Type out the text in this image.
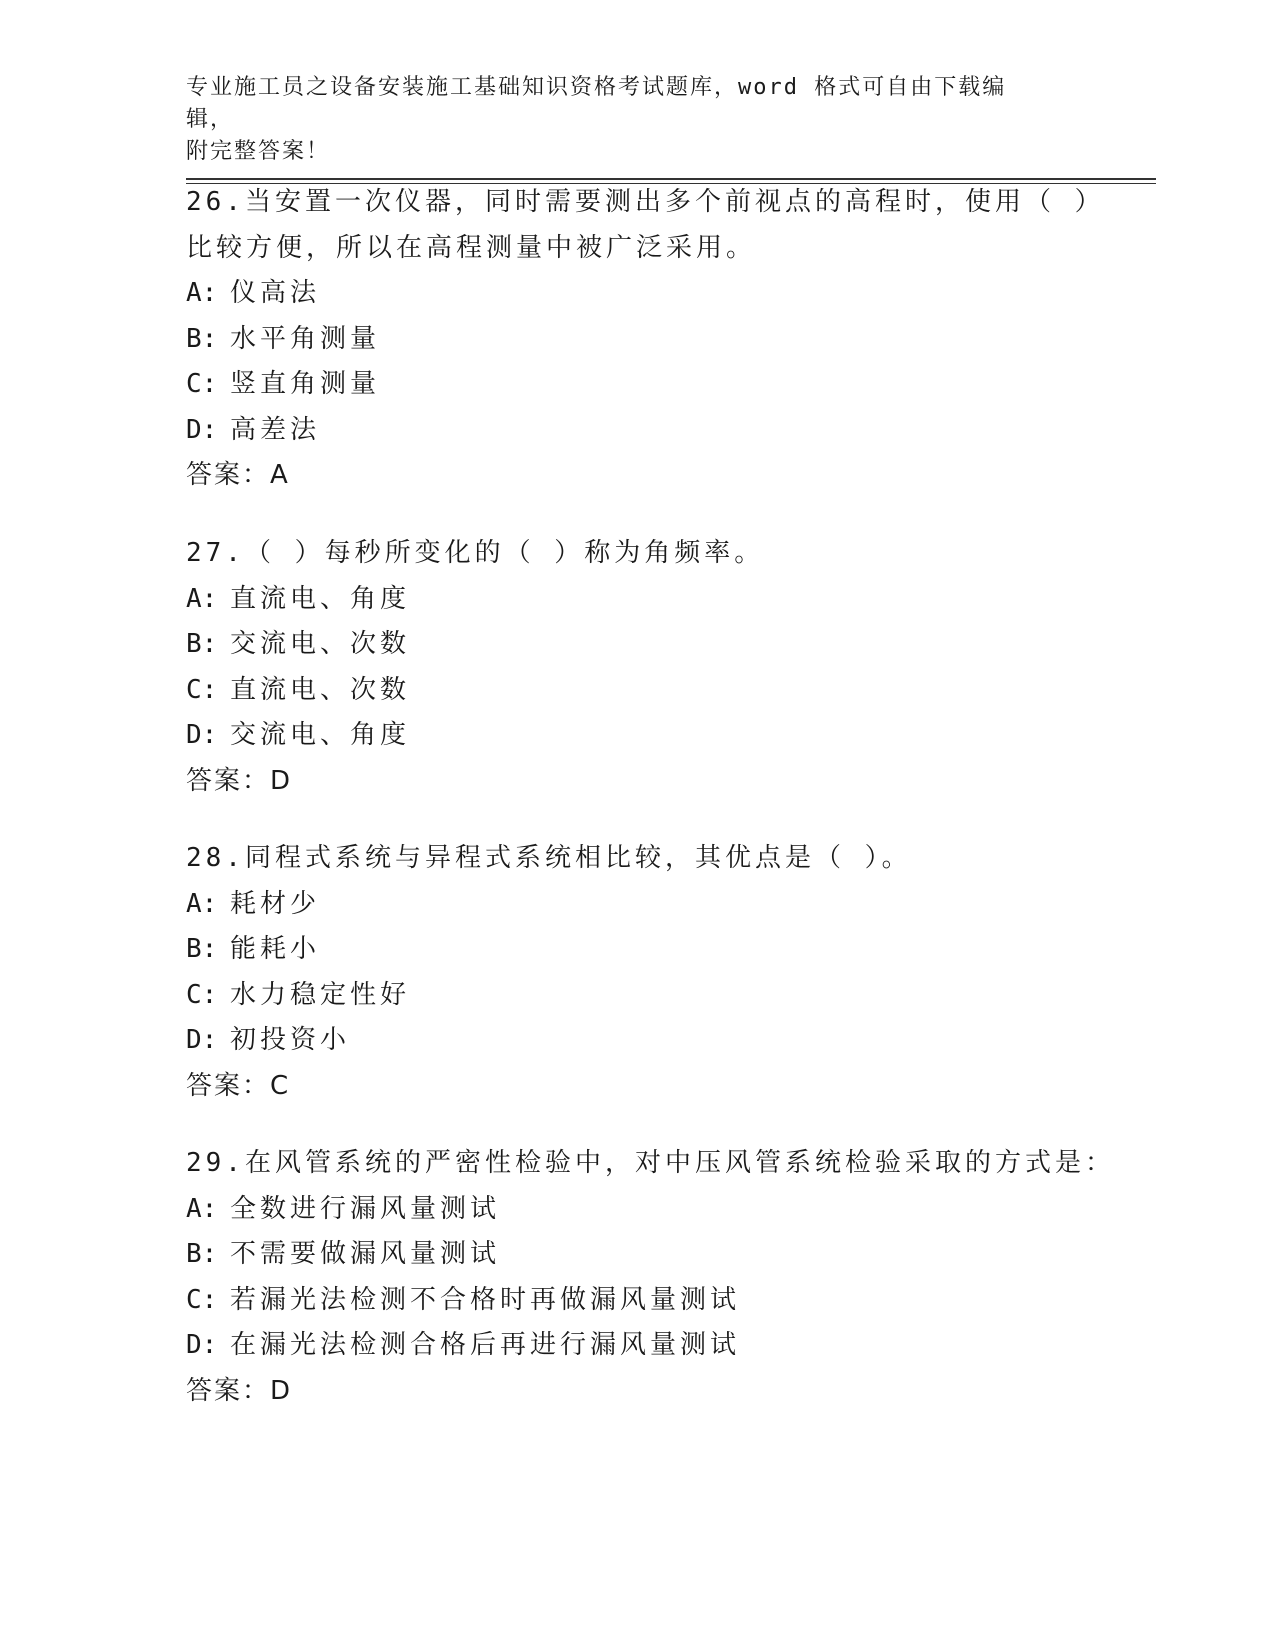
专业施工员之设备安装施工基础知识资格考试题库，word 格式可自由下载编辑，
附完整答案！
26.当安置一次仪器，同时需要测出多个前视点的高程时，使用（ ）
比较方便，所以在高程测量中被广泛采用。
A: 仪高法
B: 水平角测量
C: 竖直角测量
D: 高差法
答案：A
27.（ ）每秒所变化的（ ）称为角频率。
A: 直流电、角度
B: 交流电、次数
C: 直流电、次数
D: 交流电、角度
答案：D
28.同程式系统与异程式系统相比较，其优点是（ ）。
A: 耗材少
B: 能耗小
C: 水力稳定性好
D: 初投资小
答案：C
29.在风管系统的严密性检验中，对中压风管系统检验采取的方式是：
A: 全数进行漏风量测试
B: 不需要做漏风量测试
C: 若漏光法检测不合格时再做漏风量测试
D: 在漏光法检测合格后再进行漏风量测试
答案：D
